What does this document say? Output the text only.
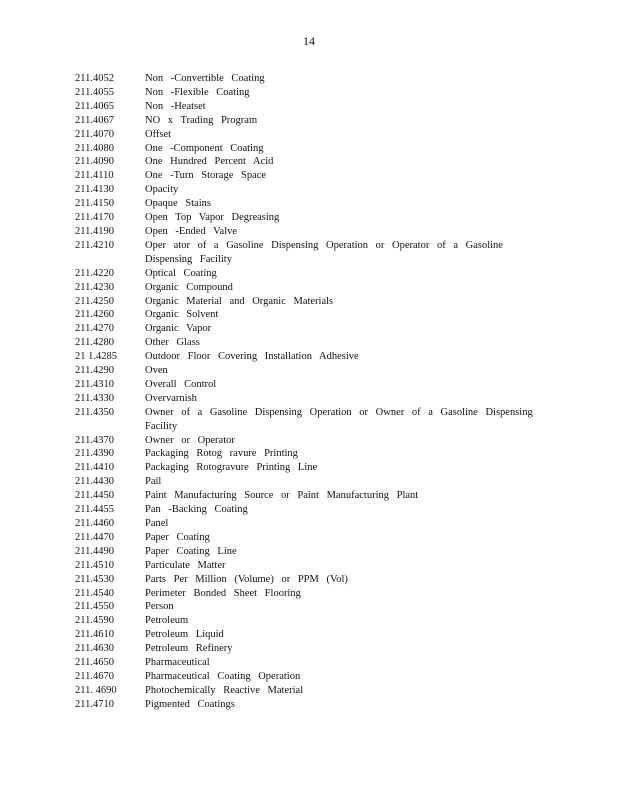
14
211.4052	Non -Convertible Coating
211.4055	Non -Flexible Coating
211.4065	Non -Heatset
211.4067	NO x Trading Program
211.4070	Offset
211.4080	One -Component Coating
211.4090	One Hundred Percent Acid
211.4110	One -Turn Storage Space
211.4130	Opacity
211.4150	Opaque Stains
211.4170	Open Top Vapor Degreasing
211.4190	Open -Ended Valve
211.4210	Oper ator of a Gasoline Dispensing Operation or Operator of a Gasoline Dispensing Facility
211.4220	Optical Coating
211.4230	Organic Compound
211.4250	Organic Material and Organic Materials
211.4260	Organic Solvent
211.4270	Organic Vapor
211.4280	Other Glass
21 1.4285	Outdoor Floor Covering Installation Adhesive
211.4290	Oven
211.4310	Overall Control
211.4330	Overvarnish
211.4350	Owner of a Gasoline Dispensing Operation or Owner of a Gasoline Dispensing Facility
211.4370	Owner or Operator
211.4390	Packaging Rotog ravure Printing
211.4410	Packaging Rotogravure Printing Line
211.4430	Pail
211.4450	Paint Manufacturing Source or Paint Manufacturing Plant
211.4455	Pan -Backing Coating
211.4460	Panel
211.4470	Paper Coating
211.4490	Paper Coating Line
211.4510	Particulate Matter
211.4530	Parts Per Million (Volume) or PPM (Vol)
211.4540	Perimeter Bonded Sheet Flooring
211.4550	Person
211.4590	Petroleum
211.4610	Petroleum Liquid
211.4630	Petroleum Refinery
211.4650	Pharmaceutical
211.4670	Pharmaceutical Coating Operation
211. 4690	Photochemically Reactive Material
211.4710	Pigmented Coatings
